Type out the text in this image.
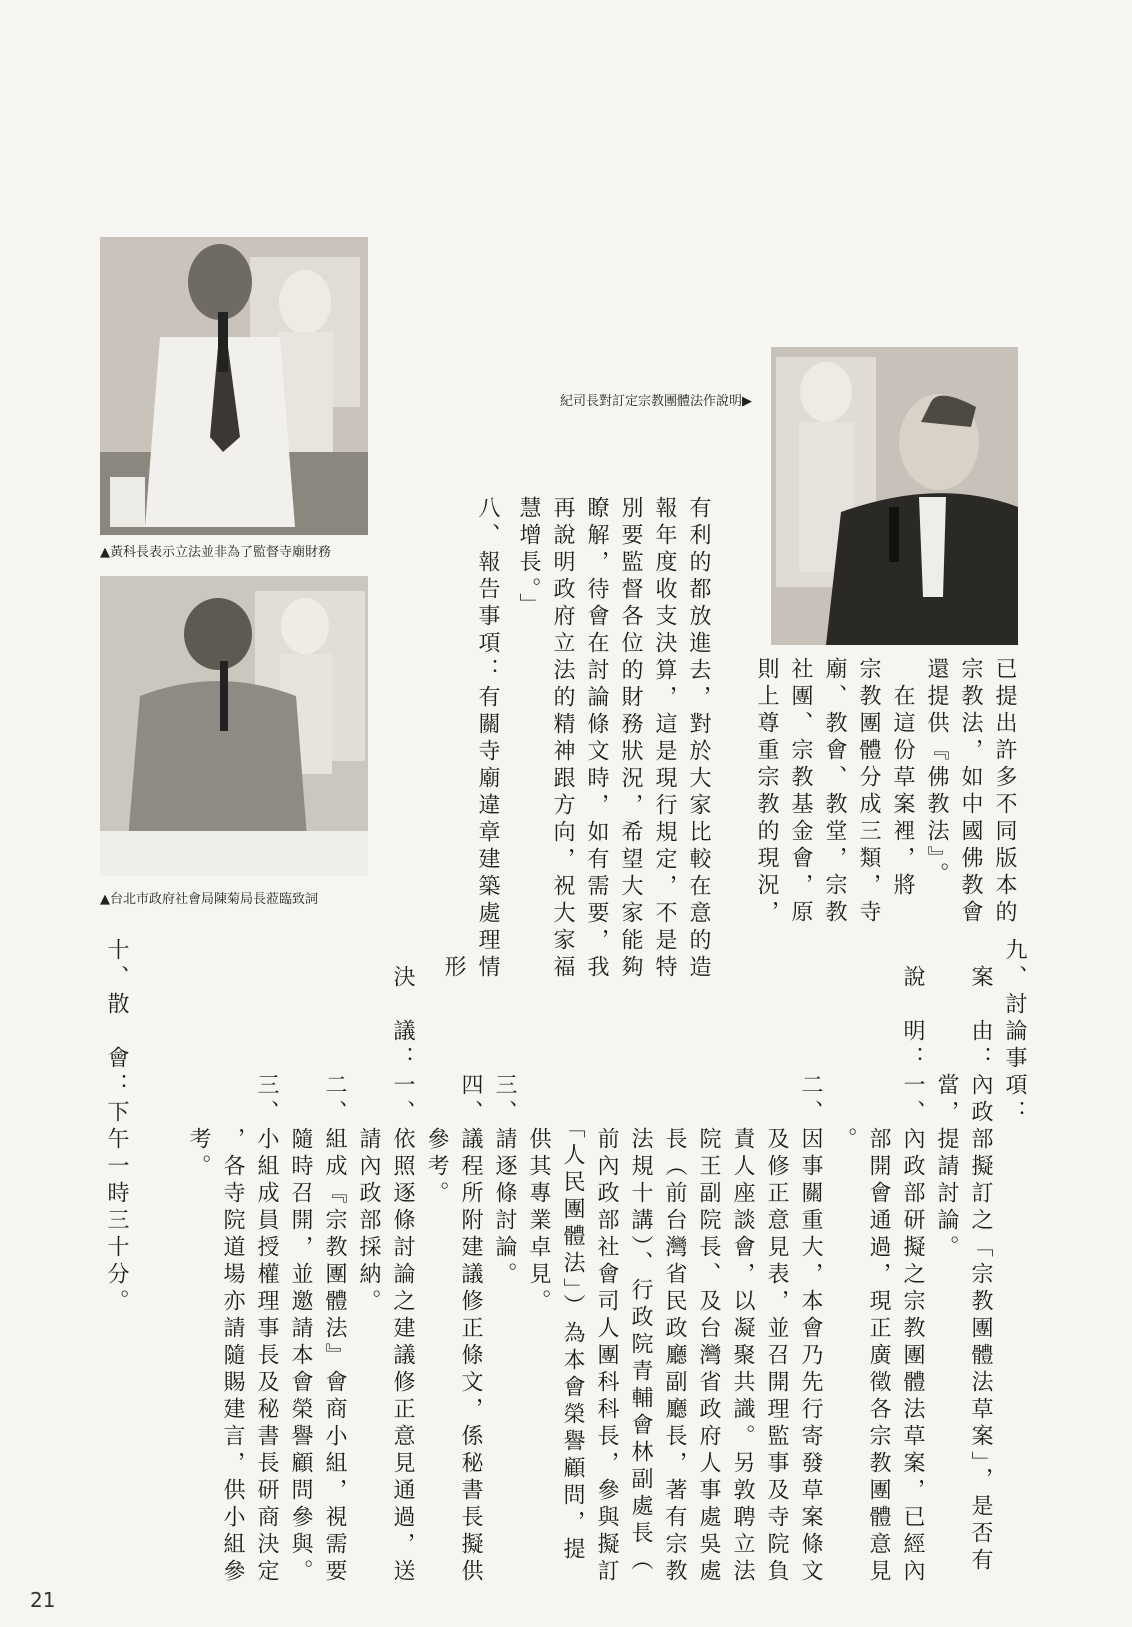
▲黃科長表示立法並非為了監督寺廟財務
▲台北市政府社會局陳菊局長蒞臨致詞
紀司長對訂定宗教團體法作說明▶
已提出許多不同版本的
宗教法，如中國佛教會
還提供『佛教法』。
　在這份草案裡，將
宗教團體分成三類，寺
廟、教會、教堂，宗教
社團、宗教基金會，原
則上尊重宗教的現況，
有利的都放進去，對於大家比較在意的造
報年度收支決算，這是現行規定，不是特
別要監督各位的財務狀況，希望大家能夠
瞭解，待會在討論條文時，如有需要，我
再說明政府立法的精神跟方向，祝大家福
慧增長。」
八、報告事項：有關寺廟違章建築處理情
　　　　　　　　　　　　　　　　　形
九、討論事項：
　案　由：內政部擬訂之「宗教團體法草案」，是否有
　　　　　當，提請討論。
　說　明：一、內政部研擬之宗教團體法草案，已經內
　　　　　　　部開會通過，現正廣徵各宗教團體意見
　　　　　　　。
　　　　　二、因事關重大，本會乃先行寄發草案條文
　　　　　　　及修正意見表，並召開理監事及寺院負
　　　　　　　責人座談會，以凝聚共識。另敦聘立法
　　　　　　　院王副院長、及台灣省政府人事處吳處
　　　　　　　長（前台灣省民政廳副廳長，著有宗教
　　　　　　　法規十講）、行政院青輔會林副處長（
　　　　　　　前內政部社會司人團科科長，參與擬訂
　　　　　　　「人民團體法」）為本會榮譽顧問，提
　　　　　　　供其專業卓見。
　　　　　三、請逐條討論。
　　　　　四、議程所附建議修正條文，係秘書長擬供
　　　　　　　參考。
　決　議：一、依照逐條討論之建議修正意見通過，送
　　　　　　　請內政部採納。
　　　　　二、組成『宗教團體法』會商小組，視需要
　　　　　　　隨時召開，並邀請本會榮譽顧問參與。
　　　　　三、小組成員授權理事長及秘書長研商決定
　　　　　　　，各寺院道場亦請隨賜建言，供小組參
　　　　　　　考。
十、散　會：下午一時三十分。
21
